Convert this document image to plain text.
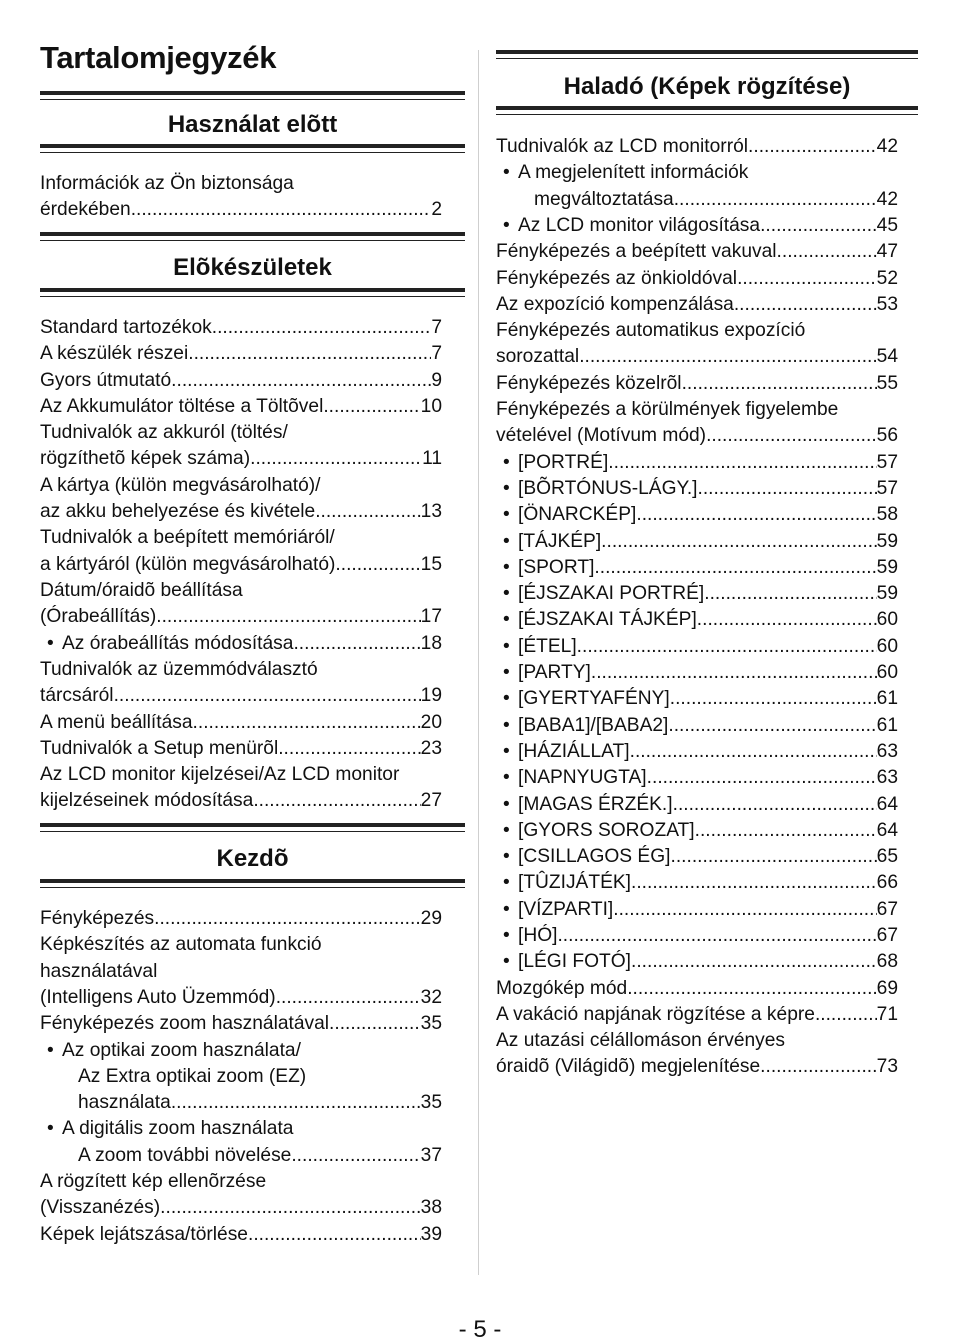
Tartalomjegyzék
Használat elõtt
Információk az Ön biztonsága
érdekében .....	2
Elõkészületek
Standard tartozékok .....	7
A készülék részei .....	7
Gyors útmutató .....	9
Az Akkumulátor töltése a Töltõvel .....	10
Tudnivalók az akkuról (töltés/
rögzíthetõ képek száma) .....	11
A kártya (külön megvásárolható)/
az akku behelyezése és kivétele .....	13
Tudnivalók a beépített memóriáról/
a kártyáról (külön megvásárolható) .....	15
Dátum/óraidõ beállítása
(Órabeállítás) .....	17
• Az órabeállítás módosítása .....	18
Tudnivalók az üzemmódválasztó
tárcsáról .....	19
A menü beállítása .....	20
Tudnivalók a Setup menürõl .....	23
Az LCD monitor kijelzései/Az LCD monitor
kijelzéseinek módosítása .....	27
Kezdõ
Fényképezés .....	29
Képkészítés az automata funkció
használatával
(Intelligens Auto Üzemmód) .....	32
Fényképezés zoom használatával .....	35
• Az optikai zoom használata/
Az Extra optikai zoom (EZ)
használata .....	35
• A digitális zoom használata
A zoom további növelése .....	37
A rögzített kép ellenõrzése
(Visszanézés) .....	38
Képek lejátszása/törlése .....	39
Haladó (Képek rögzítése)
Tudnivalók az LCD monitorról .....	42
• A megjelenített információk
megváltoztatása .....	42
• Az LCD monitor világosítása .....	45
Fényképezés a beépített vakuval .....	47
Fényképezés az önkioldóval .....	52
Az expozíció kompenzálása .....	53
Fényképezés automatikus expozíció
sorozattal .....	54
Fényképezés közelrõl .....	55
Fényképezés a körülmények figyelembe
vételével (Motívum mód) .....	56
• [PORTRÉ] .....	57
• [BÕRTÓNUS-LÁGY.] .....	57
• [ÖNARCKÉP] .....	58
• [TÁJKÉP] .....	59
• [SPORT] .....	59
• [ÉJSZAKAI PORTRÉ] .....	59
• [ÉJSZAKAI TÁJKÉP] .....	60
• [ÉTEL] .....	60
• [PARTY] .....	60
• [GYERTYAFÉNY] .....	61
• [BABA1]/[BABA2] .....	61
• [HÁZIÁLLAT] .....	63
• [NAPNYUGTA] .....	63
• [MAGAS ÉRZÉK.] .....	64
• [GYORS SOROZAT] .....	64
• [CSILLAGOS ÉG] .....	65
• [TÛZIJÁTÉK] .....	66
• [VÍZPARTI] .....	67
• [HÓ] .....	67
• [LÉGI FOTÓ] .....	68
Mozgókép mód .....	69
A vakáció napjának rögzítése a képre .....	71
Az utazási célállomáson érvényes
óraidõ (Világidõ) megjelenítése .....	73
- 5 -
